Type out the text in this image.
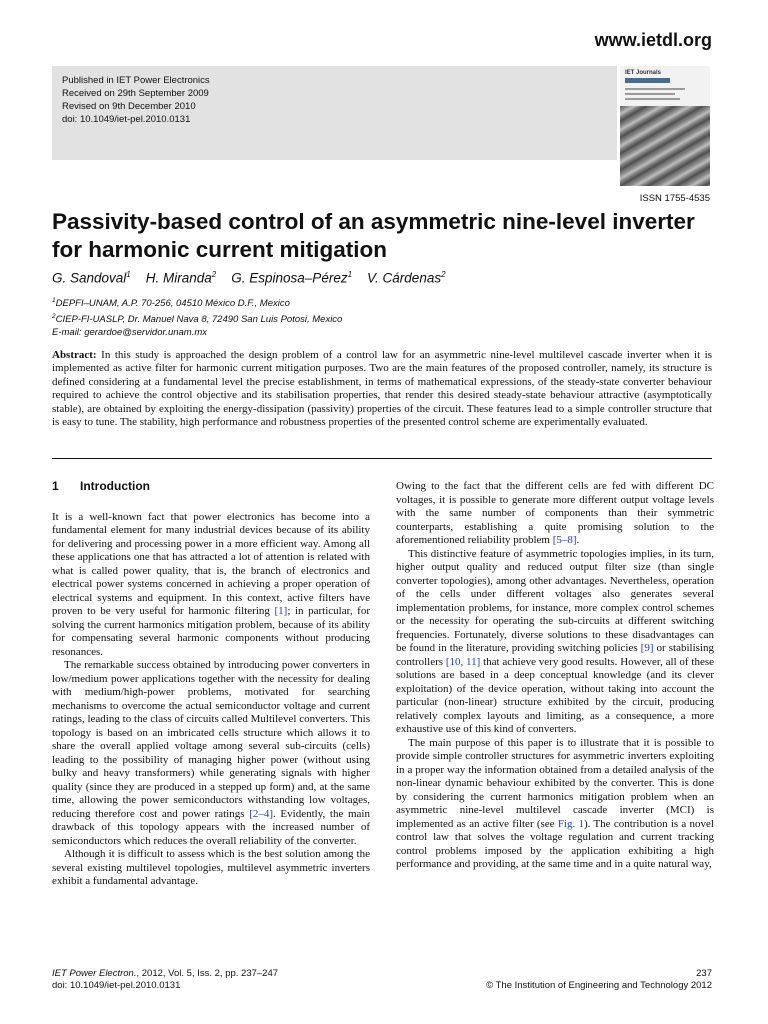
www.ietdl.org
Published in IET Power Electronics
Received on 29th September 2009
Revised on 9th December 2010
doi: 10.1049/iet-pel.2010.0131
IET Journals
ISSN 1755-4535
Passivity-based control of an asymmetric nine-level inverter for harmonic current mitigation
G. Sandoval$^1$ H. Miranda$^2$ G. Espinosa–Pérez$^1$ V. Cárdenas$^2$
$^1$DEPFI–UNAM, A.P. 70-256, 04510 México D.F., Mexico
$^2$CIEP-FI-UASLP, Dr. Manuel Nava 8, 72490 San Luis Potosi, Mexico
E-mail: gerardoe@servidor.unam.mx
Abstract: In this study is approached the design problem of a control law for an asymmetric nine-level multilevel cascade inverter when it is implemented as active filter for harmonic current mitigation purposes. Two are the main features of the proposed controller, namely, its structure is defined considering at a fundamental level the precise establishment, in terms of mathematical expressions, of the steady-state converter behaviour required to achieve the control objective and its stabilisation properties, that render this desired steady-state behaviour attractive (asymptotically stable), are obtained by exploiting the energy-dissipation (passivity) properties of the circuit. These features lead to a simple controller structure that is easy to tune. The stability, high performance and robustness properties of the presented control scheme are experimentally evaluated.
1 Introduction

It is a well-known fact that power electronics has become into a fundamental element for many industrial devices because of its ability for delivering and processing power in a more efficient way. Among all these applications one that has attracted a lot of attention is related with what is called power quality, that is, the branch of electronics and electrical power systems concerned in achieving a proper operation of electrical systems and equipment. In this context, active filters have proven to be very useful for harmonic filtering [1]; in particular, for solving the current harmonics mitigation problem, because of its ability for compensating several harmonic components without producing resonances.

The remarkable success obtained by introducing power converters in low/medium power applications together with the necessity for dealing with medium/high-power problems, motivated for searching mechanisms to overcome the actual semiconductor voltage and current ratings, leading to the class of circuits called Multilevel converters. This topology is based on an imbricated cells structure which allows it to share the overall applied voltage among several sub-circuits (cells) leading to the possibility of managing higher power (without using bulky and heavy transformers) while generating signals with higher quality (since they are produced in a stepped up form) and, at the same time, allowing the power semiconductors withstanding low voltages, reducing therefore cost and power ratings [2–4]. Evidently, the main drawback of this topology appears with the increased number of semiconductors which reduces the overall reliability of the converter.

Although it is difficult to assess which is the best solution among the several existing multilevel topologies, multilevel asymmetric inverters exhibit a fundamental advantage.

Owing to the fact that the different cells are fed with different DC voltages, it is possible to generate more different output voltage levels with the same number of components than their symmetric counterparts, establishing a quite promising solution to the aforementioned reliability problem [5–8].

This distinctive feature of asymmetric topologies implies, in its turn, higher output quality and reduced output filter size (than single converter topologies), among other advantages. Nevertheless, operation of the cells under different voltages also generates several implementation problems, for instance, more complex control schemes or the necessity for operating the sub-circuits at different switching frequencies. Fortunately, diverse solutions to these disadvantages can be found in the literature, providing switching policies [9] or stabilising controllers [10, 11] that achieve very good results. However, all of these solutions are based in a deep conceptual knowledge (and its clever exploitation) of the device operation, without taking into account the particular (non-linear) structure exhibited by the circuit, producing relatively complex layouts and limiting, as a consequence, a more exhaustive use of this kind of converters.

The main purpose of this paper is to illustrate that it is possible to provide simple controller structures for asymmetric inverters exploiting in a proper way the information obtained from a detailed analysis of the non-linear dynamic behaviour exhibited by the converter. This is done by considering the current harmonics mitigation problem when an asymmetric nine-level multilevel cascade inverter (MCI) is implemented as an active filter (see Fig. 1). The contribution is a novel control law that solves the voltage regulation and current tracking control problems imposed by the application exhibiting a high performance and providing, at the same time and in a quite natural way,

IET Power Electron., 2012, Vol. 5, Iss. 2, pp. 237–247
doi: 10.1049/iet-pel.2010.0131
237
© The Institution of Engineering and Technology 2012
